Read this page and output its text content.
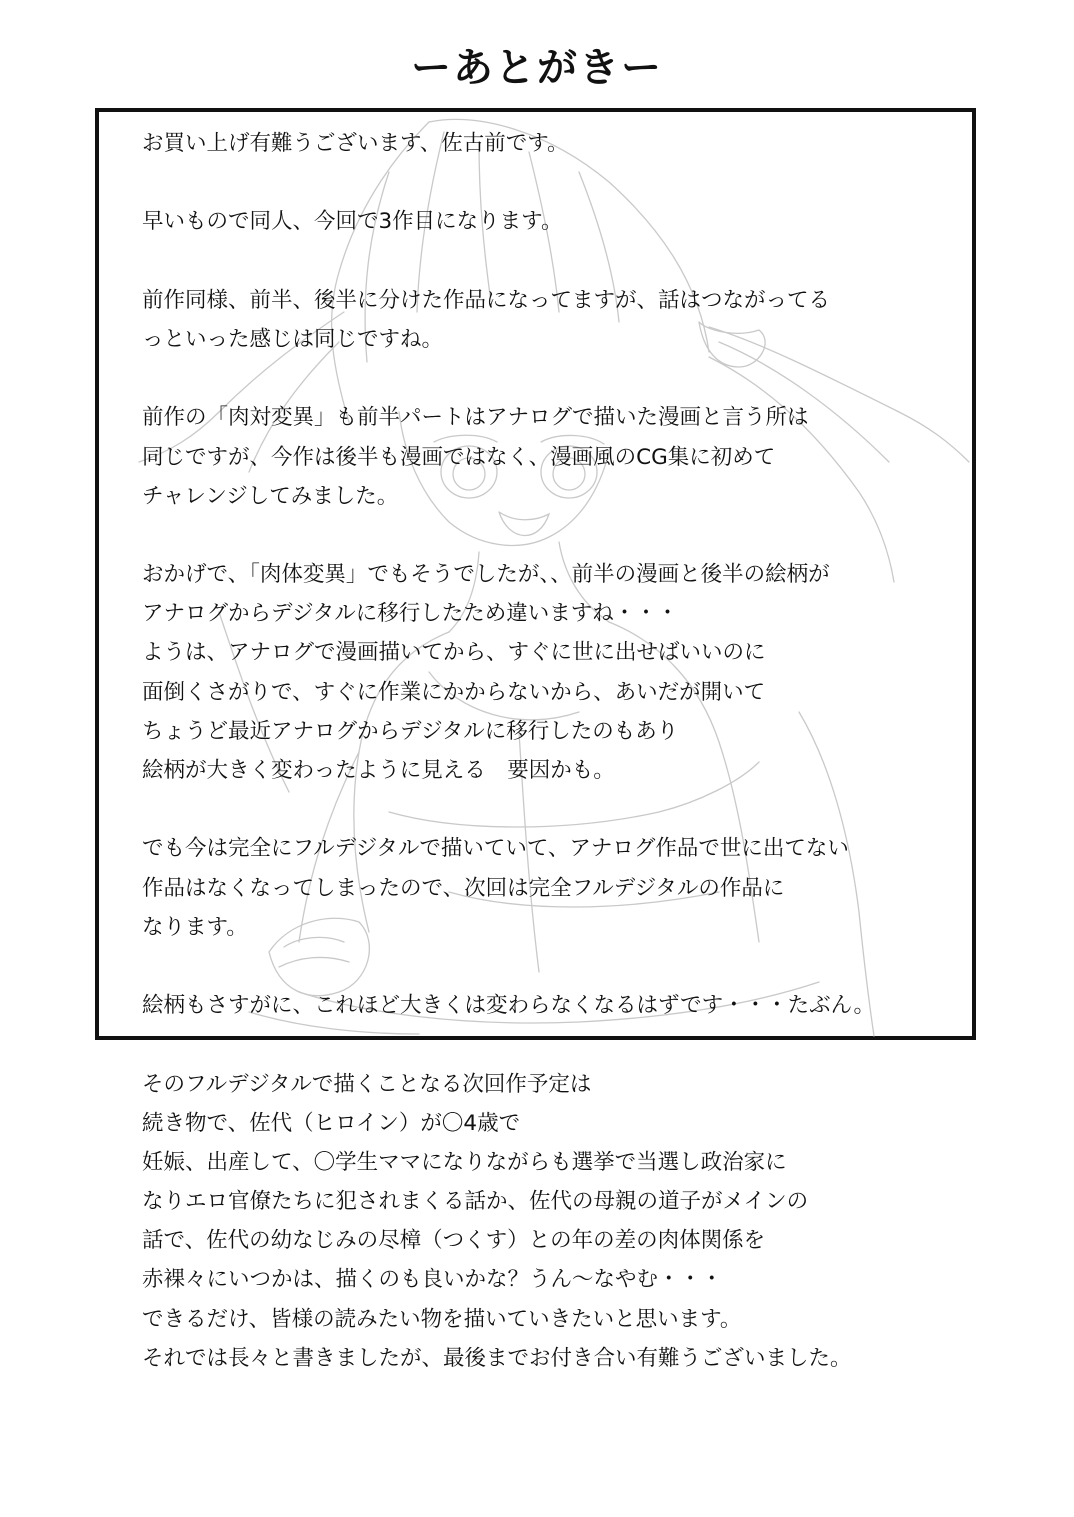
ーあとがきー
お買い上げ有難うございます、佐古前です。
早いもので同人、今回で3作目になります。
前作同様、前半、後半に分けた作品になってますが、話はつながってる
っといった感じは同じですね。
前作の「肉対変異」も前半パートはアナログで描いた漫画と言う所は
同じですが、今作は後半も漫画ではなく、漫画風のCG集に初めて
チャレンジしてみました。
おかげで、「肉体変異」でもそうでしたが、、前半の漫画と後半の絵柄が
アナログからデジタルに移行したため違いますね・・・
ようは、アナログで漫画描いてから、すぐに世に出せばいいのに
面倒くさがりで、すぐに作業にかからないから、あいだが開いて
ちょうど最近アナログからデジタルに移行したのもあり
絵柄が大きく変わったように見える　要因かも。
でも今は完全にフルデジタルで描いていて、アナログ作品で世に出てない
作品はなくなってしまったので、次回は完全フルデジタルの作品に
なります。
絵柄もさすがに、これほど大きくは変わらなくなるはずです・・・たぶん。
そのフルデジタルで描くことなる次回作予定は
続き物で、佐代（ヒロイン）が〇4歳で
妊娠、出産して、〇学生ママになりながらも選挙で当選し政治家に
なりエロ官僚たちに犯されまくる話か、佐代の母親の道子がメインの
話で、佐代の幼なじみの尽樟（つくす）との年の差の肉体関係を
赤裸々にいつかは、描くのも良いかな？うん～なやむ・・・
できるだけ、皆様の読みたい物を描いていきたいと思います。
それでは長々と書きましたが、最後までお付き合い有難うございました。
